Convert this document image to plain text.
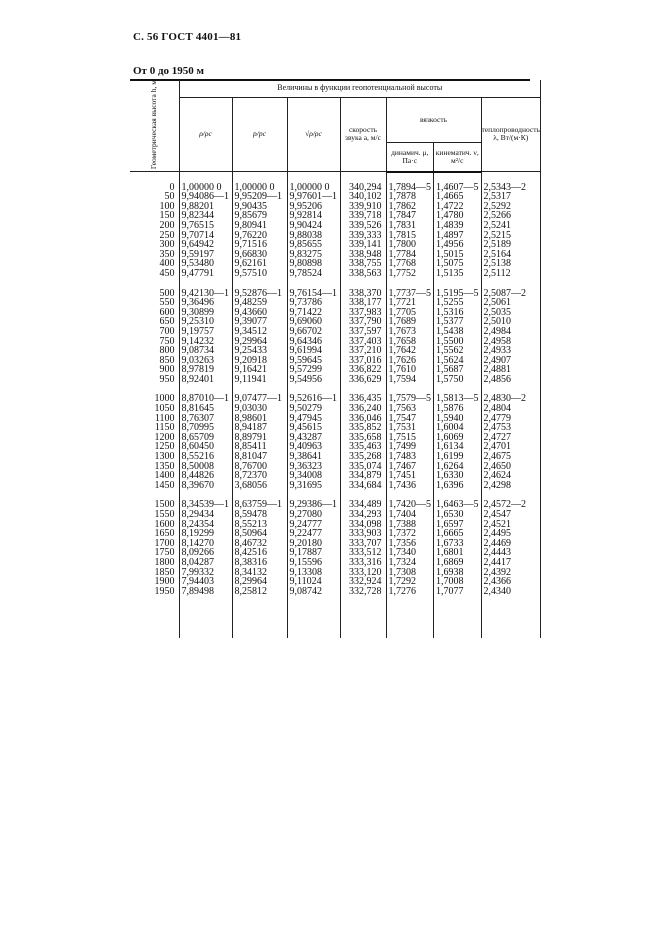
С. 56 ГОСТ 4401—81
От 0 до 1950 м
Геометрическая высота h, м	Величины в функции геопотенциальной высоты						
	ρ/ρс	p/pс	√ρ/ρс	скорость звука a, м/с	вязкость		теплопроводность λ, Вт/(м·К)
					динамич. μ, Па·с	кинематич. ν, м²/с	

0	1,00000 0	1,00000 0	1,00000 0	340,294	1,7894—5	1,4607—5	2,5343—2
50	9,94086—1	9,95209—1	9,97601—1	340,102	1,7878	1,4665	2,5317
100	9,88201	9,90435	9,95206	339,910	1,7862	1,4722	2,5292
150	9,82344	9,85679	9,92814	339,718	1,7847	1,4780	2,5266
200	9,76515	9,80941	9,90424	339,526	1,7831	1,4839	2,5241
250	9,70714	9,76220	9,88038	339,333	1,7815	1,4897	2,5215
300	9,64942	9,71516	9,85655	339,141	1,7800	1,4956	2,5189
350	9,59197	9,66830	9,83275	338,948	1,7784	1,5015	2,5164
400	9,53480	9,62161	9,80898	338,755	1,7768	1,5075	2,5138
450	9,47791	9,57510	9,78524	338,563	1,7752	1,5135	2,5112

500	9,42130—1	9,52876—1	9,76154—1	338,370	1,7737—5	1,5195—5	2,5087—2
550	9,36496	9,48259	9,73786	338,177	1,7721	1,5255	2,5061
600	9,30899	9,43660	9,71422	337,983	1,7705	1,5316	2,5035
650	9,25310	9,39077	9,69060	337,790	1,7689	1,5377	2,5010
700	9,19757	9,34512	9,66702	337,597	1,7673	1,5438	2,4984
750	9,14232	9,29964	9,64346	337,403	1,7658	1,5500	2,4958
800	9,08734	9,25433	9,61994	337,210	1,7642	1,5562	2,4933
850	9,03263	9,20918	9,59645	337,016	1,7626	1,5624	2,4907
900	8,97819	9,16421	9,57299	336,822	1,7610	1,5687	2,4881
950	8,92401	9,11941	9,54956	336,629	1,7594	1,5750	2,4856

1000	8,87010—1	9,07477—1	9,52616—1	336,435	1,7579—5	1,5813—5	2,4830—2
1050	8,81645	9,03030	9,50279	336,240	1,7563	1,5876	2,4804
1100	8,76307	8,98601	9,47945	336,046	1,7547	1,5940	2,4779
1150	8,70995	8,94187	9,45615	335,852	1,7531	1,6004	2,4753
1200	8,65709	8,89791	9,43287	335,658	1,7515	1,6069	2,4727
1250	8,60450	8,85411	9,40963	335,463	1,7499	1,6134	2,4701
1300	8,55216	8,81047	9,38641	335,268	1,7483	1,6199	2,4675
1350	8,50008	8,76700	9,36323	335,074	1,7467	1,6264	2,4650
1400	8,44826	8,72370	9,34008	334,879	1,7451	1,6330	2,4624
1450	8,39670	3,68056	9,31695	334,684	1,7436	1,6396	2,4298

1500	8,34539—1	8,63759—1	9,29386—1	334,489	1,7420—5	1,6463—5	2,4572—2
1550	8,29434	8,59478	9,27080	334,293	1,7404	1,6530	2,4547
1600	8,24354	8,55213	9,24777	334,098	1,7388	1,6597	2,4521
1650	8,19299	8,50964	9,22477	333,903	1,7372	1,6665	2,4495
1700	8,14270	8,46732	9,20180	333,707	1,7356	1,6733	2,4469
1750	8,09266	8,42516	9,17887	333,512	1,7340	1,6801	2,4443
1800	8,04287	8,38316	9,15596	333,316	1,7324	1,6869	2,4417
1850	7,99332	8,34132	9,13308	333,120	1,7308	1,6938	2,4392
1900	7,94403	8,29964	9,11024	332,924	1,7292	1,7008	2,4366
1950	7,89498	8,25812	9,08742	332,728	1,7276	1,7077	2,4340
